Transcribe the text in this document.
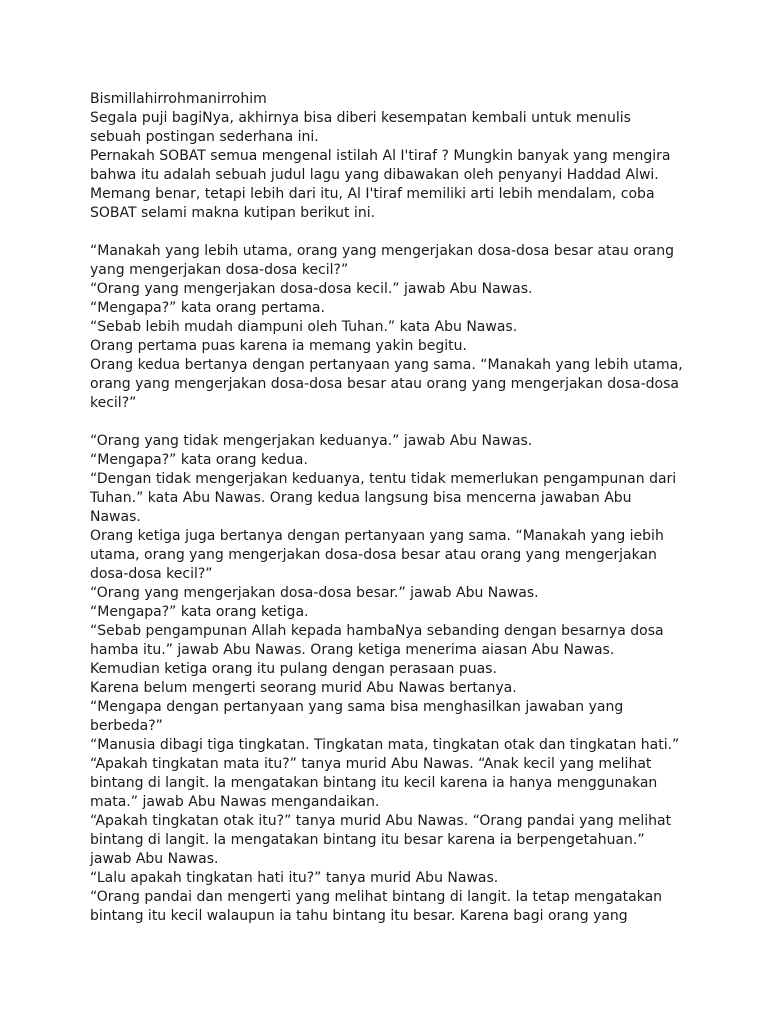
Bismillahirrohmanirrohim
Segala puji bagiNya, akhirnya bisa diberi kesempatan kembali untuk menulis
sebuah postingan sederhana ini.
Pernakah SOBAT semua mengenal istilah Al I'tiraf ? Mungkin banyak yang mengira
bahwa itu adalah sebuah judul lagu yang dibawakan oleh penyanyi Haddad Alwi.
Memang benar, tetapi lebih dari itu, Al I'tiraf memiliki arti lebih mendalam, coba
SOBAT selami makna kutipan berikut ini.
“Manakah yang lebih utama, orang yang mengerjakan dosa-dosa besar atau orang
yang mengerjakan dosa-dosa kecil?”
“Orang yang mengerjakan dosa-dosa kecil.” jawab Abu Nawas.
“Mengapa?” kata orang pertama.
“Sebab lebih mudah diampuni oleh Tuhan.” kata Abu Nawas.
Orang pertama puas karena ia memang yakin begitu.
Orang kedua bertanya dengan pertanyaan yang sama. “Manakah yang lebih utama,
orang yang mengerjakan dosa-dosa besar atau orang yang mengerjakan dosa-dosa
kecil?”
“Orang yang tidak mengerjakan keduanya.” jawab Abu Nawas.
“Mengapa?” kata orang kedua.
“Dengan tidak mengerjakan keduanya, tentu tidak memerlukan pengampunan dari
Tuhan.” kata Abu Nawas. Orang kedua langsung bisa mencerna jawaban Abu
Nawas.
Orang ketiga juga bertanya dengan pertanyaan yang sama. “Manakah yang iebih
utama, orang yang mengerjakan dosa-dosa besar atau orang yang mengerjakan
dosa-dosa kecil?”
“Orang yang mengerjakan dosa-dosa besar.” jawab Abu Nawas.
“Mengapa?” kata orang ketiga.
“Sebab pengampunan Allah kepada hambaNya sebanding dengan besarnya dosa
hamba itu.” jawab Abu Nawas. Orang ketiga menerima aiasan Abu Nawas.
Kemudian ketiga orang itu pulang dengan perasaan puas.
Karena belum mengerti seorang murid Abu Nawas bertanya.
“Mengapa dengan pertanyaan yang sama bisa menghasilkan jawaban yang
berbeda?”
“Manusia dibagi tiga tingkatan. Tingkatan mata, tingkatan otak dan tingkatan hati.”
“Apakah tingkatan mata itu?” tanya murid Abu Nawas. “Anak kecil yang melihat
bintang di langit. la mengatakan bintang itu kecil karena ia hanya menggunakan
mata.” jawab Abu Nawas mengandaikan.
“Apakah tingkatan otak itu?” tanya murid Abu Nawas. “Orang pandai yang melihat
bintang di langit. la mengatakan bintang itu besar karena ia berpengetahuan.”
jawab Abu Nawas.
“Lalu apakah tingkatan hati itu?” tanya murid Abu Nawas.
“Orang pandai dan mengerti yang melihat bintang di langit. la tetap mengatakan
bintang itu kecil walaupun ia tahu bintang itu besar. Karena bagi orang yang
